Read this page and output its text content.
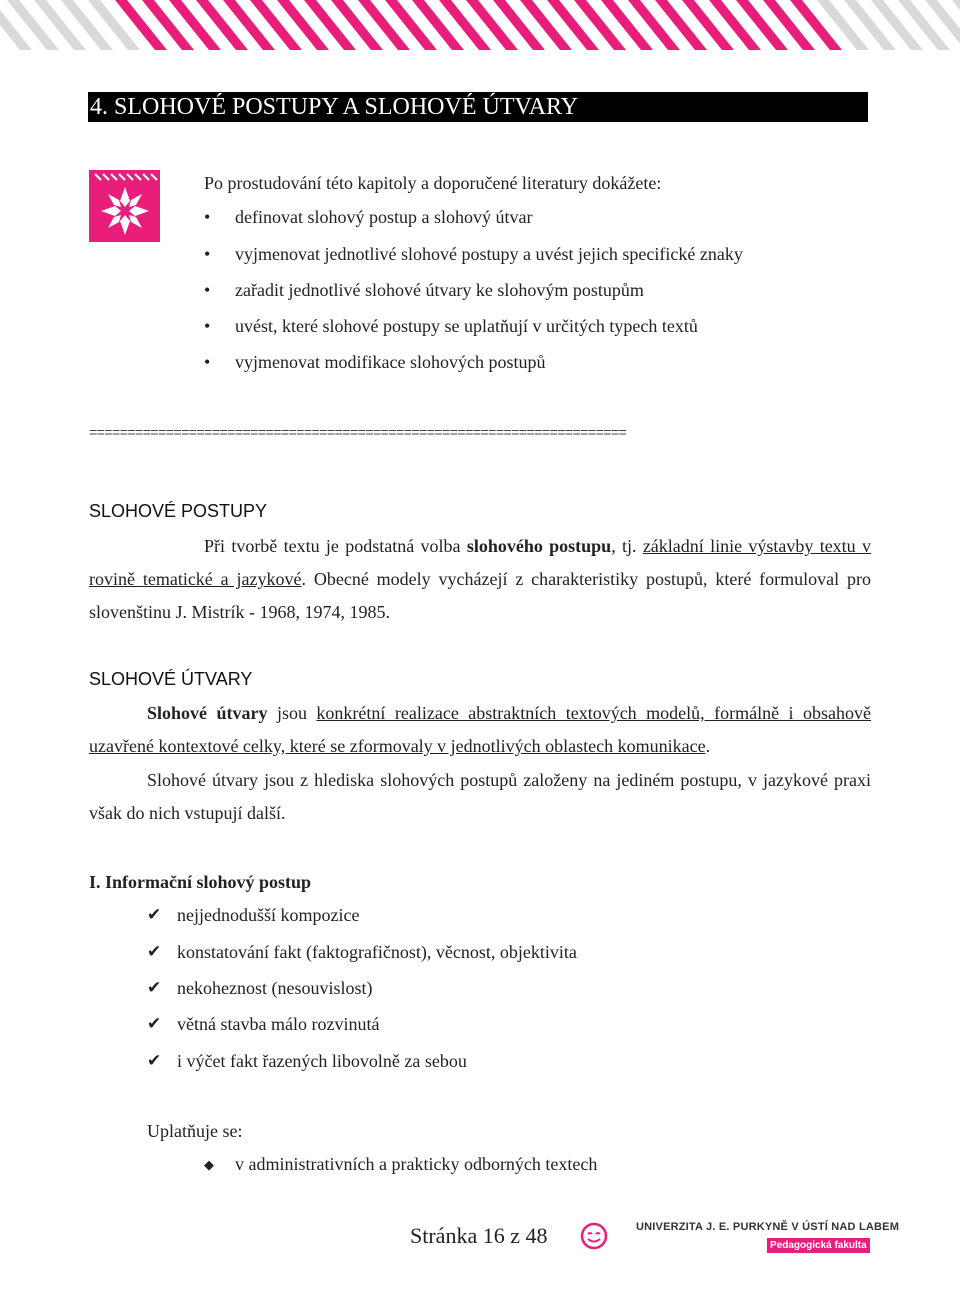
4. SLOHOVÉ POSTUPY A SLOHOVÉ ÚTVARY
Po prostudování této kapitoly a doporučené literatury dokážete:
• definovat slohový postup a slohový útvar
• vyjmenovat jednotlivé slohové postupy a uvést jejich specifické znaky
• zařadit jednotlivé slohové útvary ke slohovým postupům
• uvést, které slohové postupy se uplatňují v určitých typech textů
• vyjmenovat modifikace slohových postupů
======================================================================
SLOHOVÉ POSTUPY
Při tvorbě textu je podstatná volba slohového postupu, tj. základní linie výstavby textu v rovině tematické a jazykové. Obecné modely vycházejí z charakteristiky postupů, které formuloval pro slovenštinu J. Mistrík - 1968, 1974, 1985.
SLOHOVÉ ÚTVARY
Slohové útvary jsou konkrétní realizace abstraktních textových modelů, formálně i obsahově uzavřené kontextové celky, které se zformovaly v jednotlivých oblastech komunikace.
Slohové útvary jsou z hlediska slohových postupů založeny na jediném postupu, v jazykové praxi však do nich vstupují další.
I. Informační slohový postup
✔ nejjednodušší kompozice
✔ konstatování fakt (faktografičnost), věcnost, objektivita
✔ nekoheznost (nesouvislost)
✔ větná stavba málo rozvinutá
✔ i výčet fakt řazených libovolně za sebou
Uplatňuje se:
◆ v administrativních a prakticky odborných textech
Stránka 16 z 48	UNIVERZITA J. E. PURKYNĚ V ÚSTÍ NAD LABEM
Pedagogická fakulta
